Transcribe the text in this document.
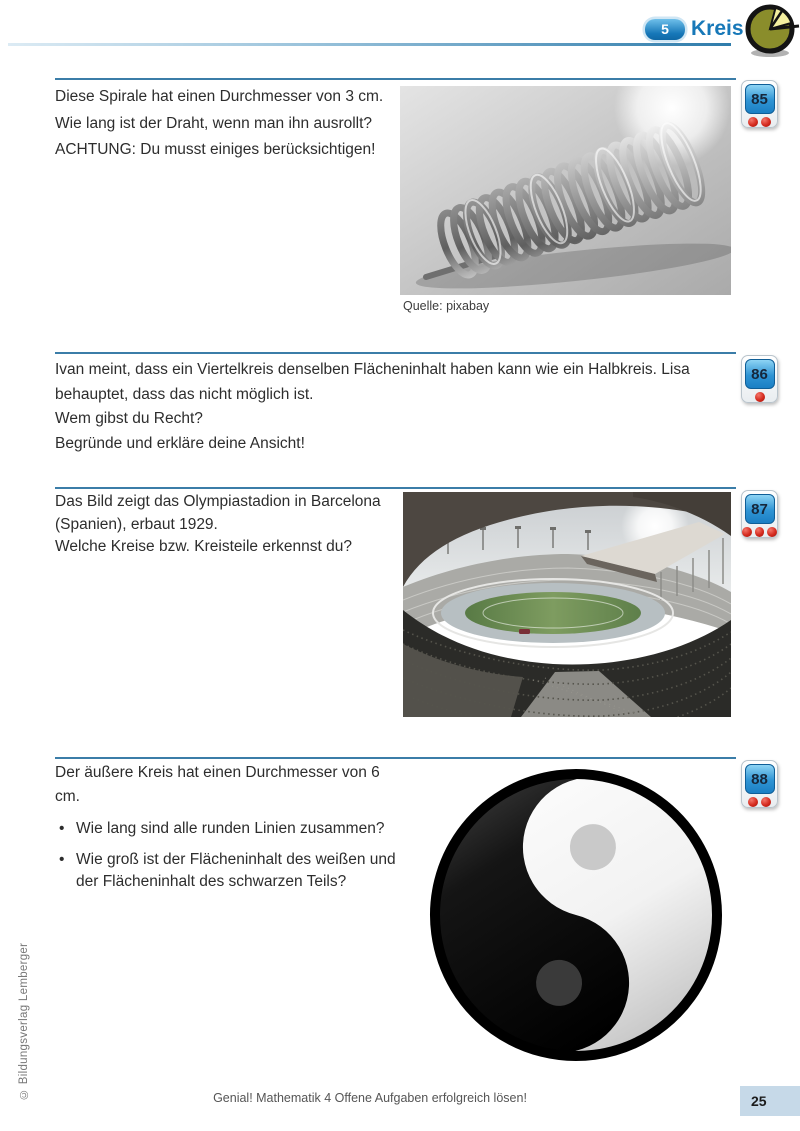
5	Kreis

Diese Spirale hat einen Durchmesser von 3 cm.

Wie lang ist der Draht, wenn man ihn ausrollt?

ACHTUNG: Du musst einiges berücksichtigen!

Quelle: pixabay
85

Ivan meint, dass ein Viertelkreis denselben Flächeninhalt haben kann wie ein Halbkreis. Lisa behauptet, dass das nicht möglich ist.

Wem gibst du Recht?

Begründe und erkläre deine Ansicht!

86

Das Bild zeigt das Olympiastadion in Barcelona (Spanien), erbaut 1929.

Welche Kreise bzw. Kreisteile erkennst du?

87

Der äußere Kreis hat einen Durchmesser von 6 cm.

• Wie lang sind alle runden Linien zusammen?
• Wie groß ist der Flächeninhalt des weißen und der Flächeninhalt des schwarzen Teils?
88
© Bildungsverlag Lemberger	Genial! Mathematik 4 Offene Aufgaben erfolgreich lösen!	25
